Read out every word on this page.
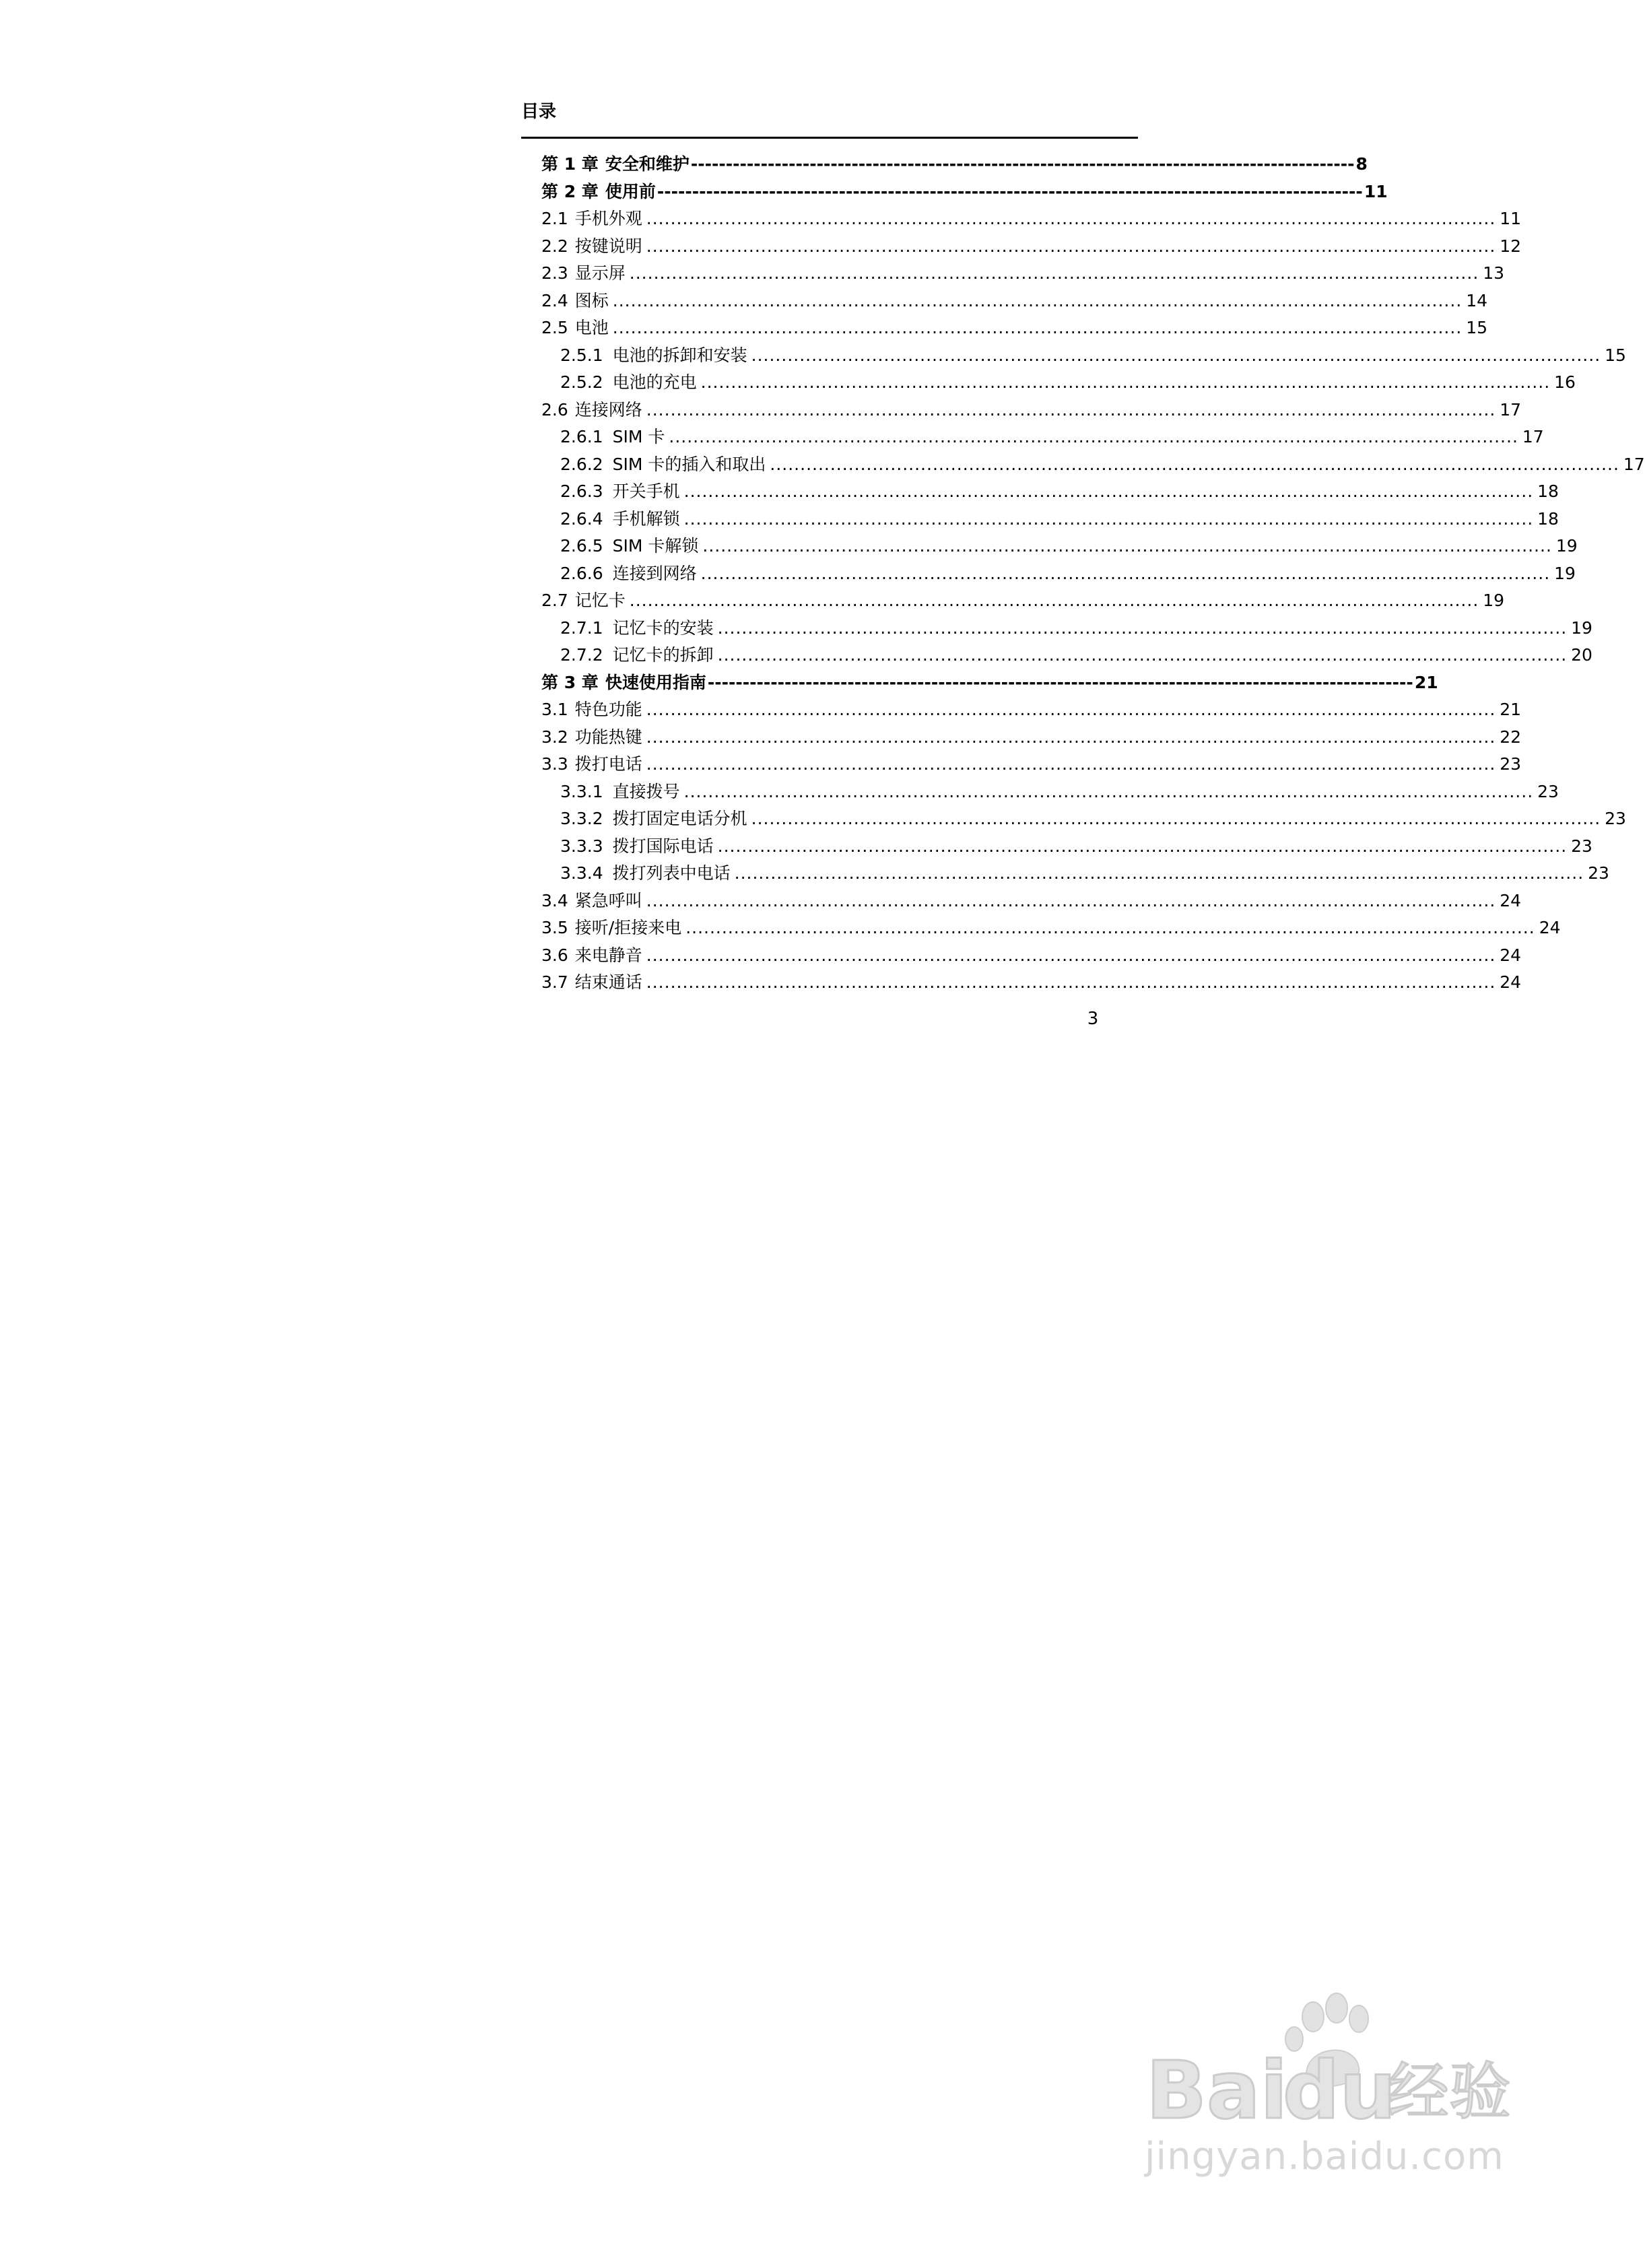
目录
第 1 章 安全和维护 ----------------------------------------------------------------------------------------------- 8
第 2 章 使用前 ----------------------------------------------------------------------------------------------------- 11
2.1 手机外观 ............................................................................................................................................. 11
2.2 按键说明 ............................................................................................................................................. 12
2.3 显示屏 ............................................................................................................................................. 13
2.4 图标 ............................................................................................................................................. 14
2.5 电池 ............................................................................................................................................. 15
2.5.1 电池的拆卸和安装 ............................................................................................................................................. 15
2.5.2 电池的充电 ............................................................................................................................................. 16
2.6 连接网络 ............................................................................................................................................. 17
2.6.1 SIM 卡 ............................................................................................................................................. 17
2.6.2 SIM 卡的插入和取出 ............................................................................................................................................. 17
2.6.3 开关手机 ............................................................................................................................................. 18
2.6.4 手机解锁 ............................................................................................................................................. 18
2.6.5 SIM 卡解锁 ............................................................................................................................................. 19
2.6.6 连接到网络 ............................................................................................................................................. 19
2.7 记忆卡 ............................................................................................................................................. 19
2.7.1 记忆卡的安装 ............................................................................................................................................. 19
2.7.2 记忆卡的拆卸 ............................................................................................................................................. 20
第 3 章 快速使用指南 ----------------------------------------------------------------------------------------------------- 21
3.1 特色功能 ............................................................................................................................................. 21
3.2 功能热键 ............................................................................................................................................. 22
3.3 拨打电话 ............................................................................................................................................. 23
3.3.1 直接拨号 ............................................................................................................................................. 23
3.3.2 拨打固定电话分机 ............................................................................................................................................. 23
3.3.3 拨打国际电话 ............................................................................................................................................. 23
3.3.4 拨打列表中电话 ............................................................................................................................................. 23
3.4 紧急呼叫 ............................................................................................................................................. 24
3.5 接听/拒接来电 ............................................................................................................................................. 24
3.6 来电静音 ............................................................................................................................................. 24
3.7 结束通话 ............................................................................................................................................. 24
3
Bai
du
经验
jingyan.baidu.com
